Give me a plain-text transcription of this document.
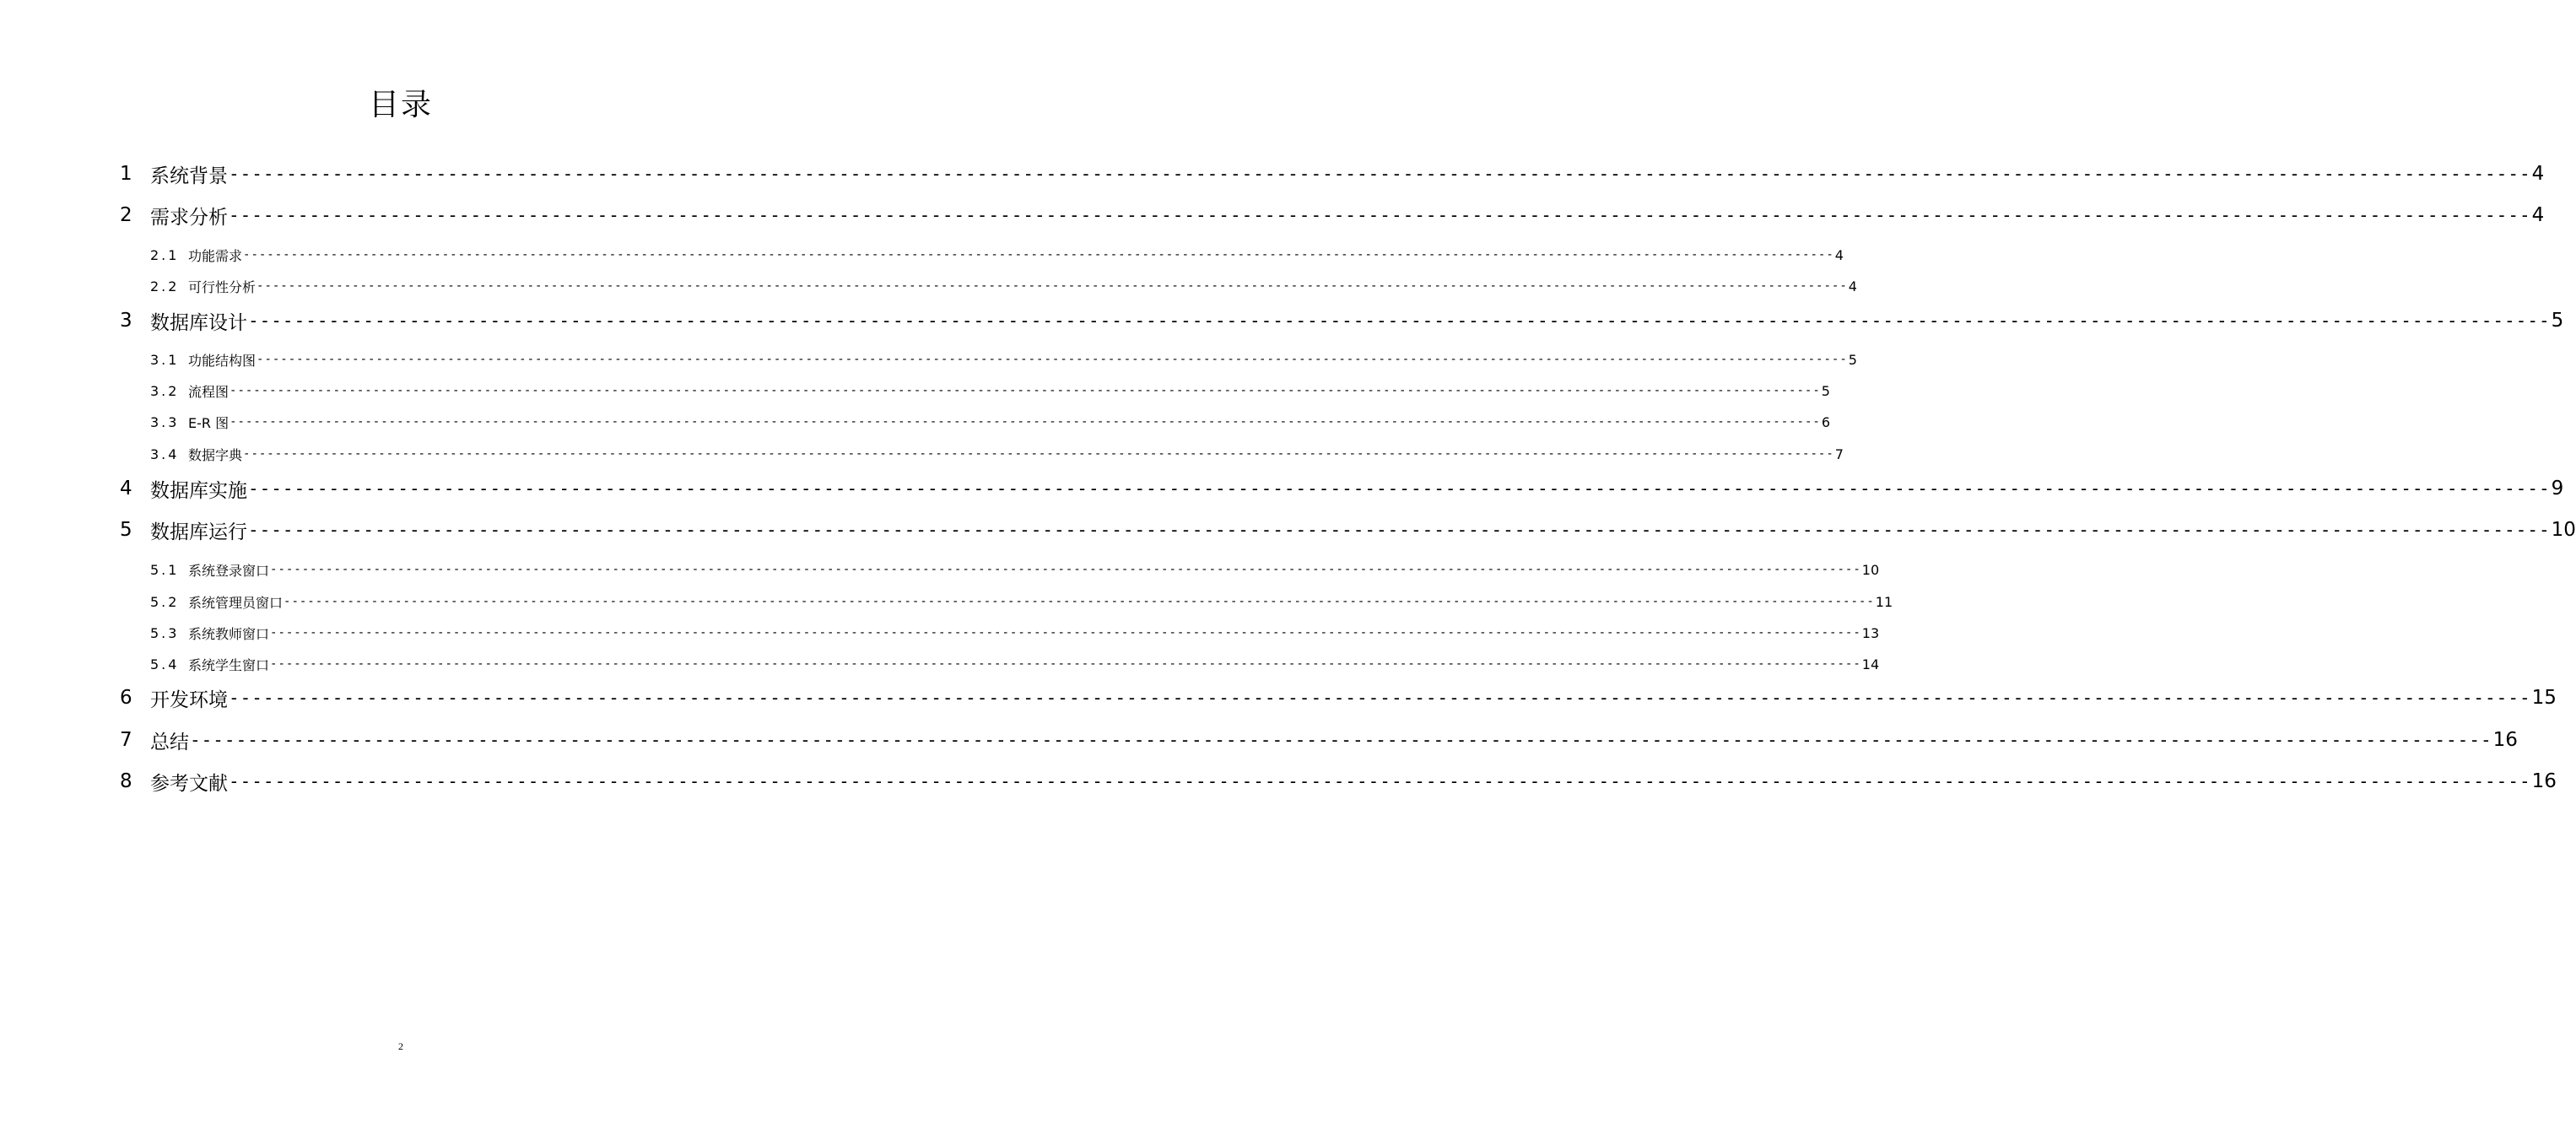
目录
1 系统背景 -------------------------------------------------------------------------------------------------------------------------------------------------------------------------------------------------------- 4
2 需求分析 -------------------------------------------------------------------------------------------------------------------------------------------------------------------------------------------------------- 4
2.1 功能需求 -------------------------------------------------------------------------------------------------------------------------------------------------------------------------------------------------------- 4
2.2 可行性分析 -------------------------------------------------------------------------------------------------------------------------------------------------------------------------------------------------------- 4
3 数据库设计 -------------------------------------------------------------------------------------------------------------------------------------------------------------------------------------------------------- 5
3.1 功能结构图 -------------------------------------------------------------------------------------------------------------------------------------------------------------------------------------------------------- 5
3.2 流程图 -------------------------------------------------------------------------------------------------------------------------------------------------------------------------------------------------------- 5
3.3 E-R 图 -------------------------------------------------------------------------------------------------------------------------------------------------------------------------------------------------------- 6
3.4 数据字典 -------------------------------------------------------------------------------------------------------------------------------------------------------------------------------------------------------- 7
4 数据库实施 -------------------------------------------------------------------------------------------------------------------------------------------------------------------------------------------------------- 9
5 数据库运行 -------------------------------------------------------------------------------------------------------------------------------------------------------------------------------------------------------- 10
5.1 系统登录窗口 -------------------------------------------------------------------------------------------------------------------------------------------------------------------------------------------------------- 10
5.2 系统管理员窗口 -------------------------------------------------------------------------------------------------------------------------------------------------------------------------------------------------------- 11
5.3 系统教师窗口 -------------------------------------------------------------------------------------------------------------------------------------------------------------------------------------------------------- 13
5.4 系统学生窗口 -------------------------------------------------------------------------------------------------------------------------------------------------------------------------------------------------------- 14
6 开发环境 -------------------------------------------------------------------------------------------------------------------------------------------------------------------------------------------------------- 15
7 总结 -------------------------------------------------------------------------------------------------------------------------------------------------------------------------------------------------------- 16
8 参考文献 -------------------------------------------------------------------------------------------------------------------------------------------------------------------------------------------------------- 16
2
